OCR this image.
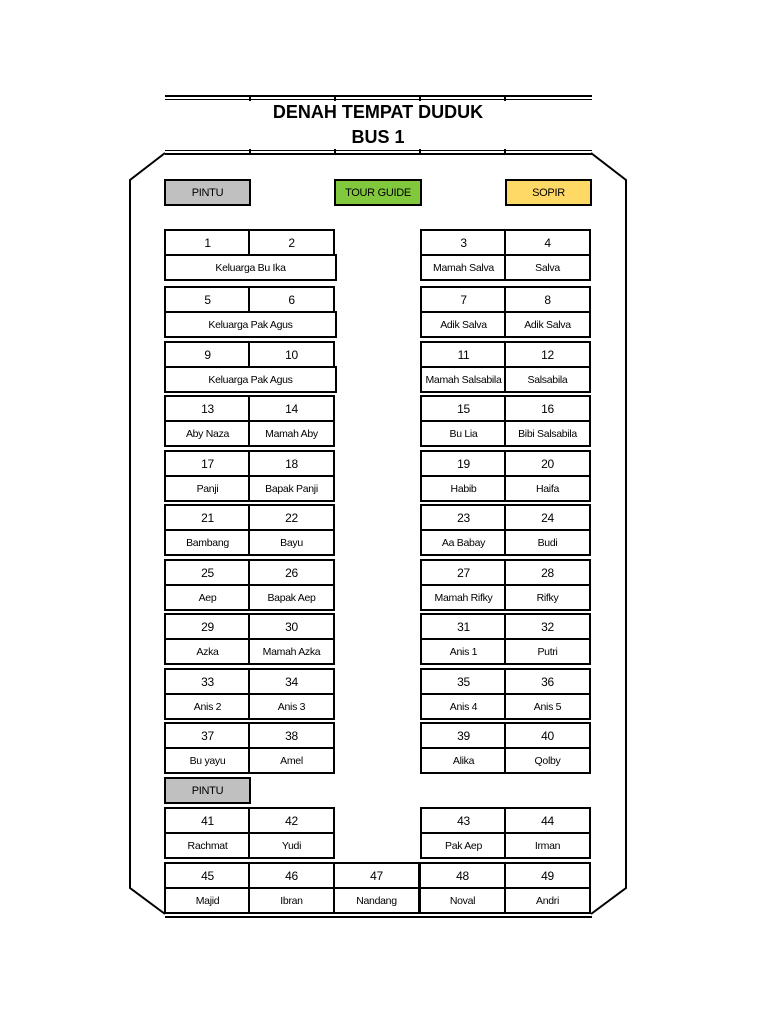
DENAH TEMPAT DUDUK
BUS 1
PINTU	TOUR GUIDE	SOPIR
1	2
Keluarga Bu Ika
3	4
Mamah Salva	Salva
5	6
Keluarga Pak Agus
7	8
Adik Salva	Adik Salva
9	10
Keluarga Pak Agus
11	12
Mamah Salsabila	Salsabila
13	14
Aby Naza	Mamah Aby
15	16
Bu Lia	Bibi Salsabila
17	18
Panji	Bapak Panji
19	20
Habib	Haifa
21	22
Bambang	Bayu
23	24
Aa Babay	Budi
25	26
Aep	Bapak Aep
27	28
Mamah Rifky	Rifky
29	30
Azka	Mamah Azka
31	32
Anis 1	Putri
33	34
Anis 2	Anis 3
35	36
Anis 4	Anis 5
37	38
Bu yayu	Amel
39	40
Alika	Qolby
41	42
Rachmat	Yudi
43	44
Pak Aep	Irman
45
Majid
46
Ibran
47
Nandang
48
Noval
49
Andri
PINTU
